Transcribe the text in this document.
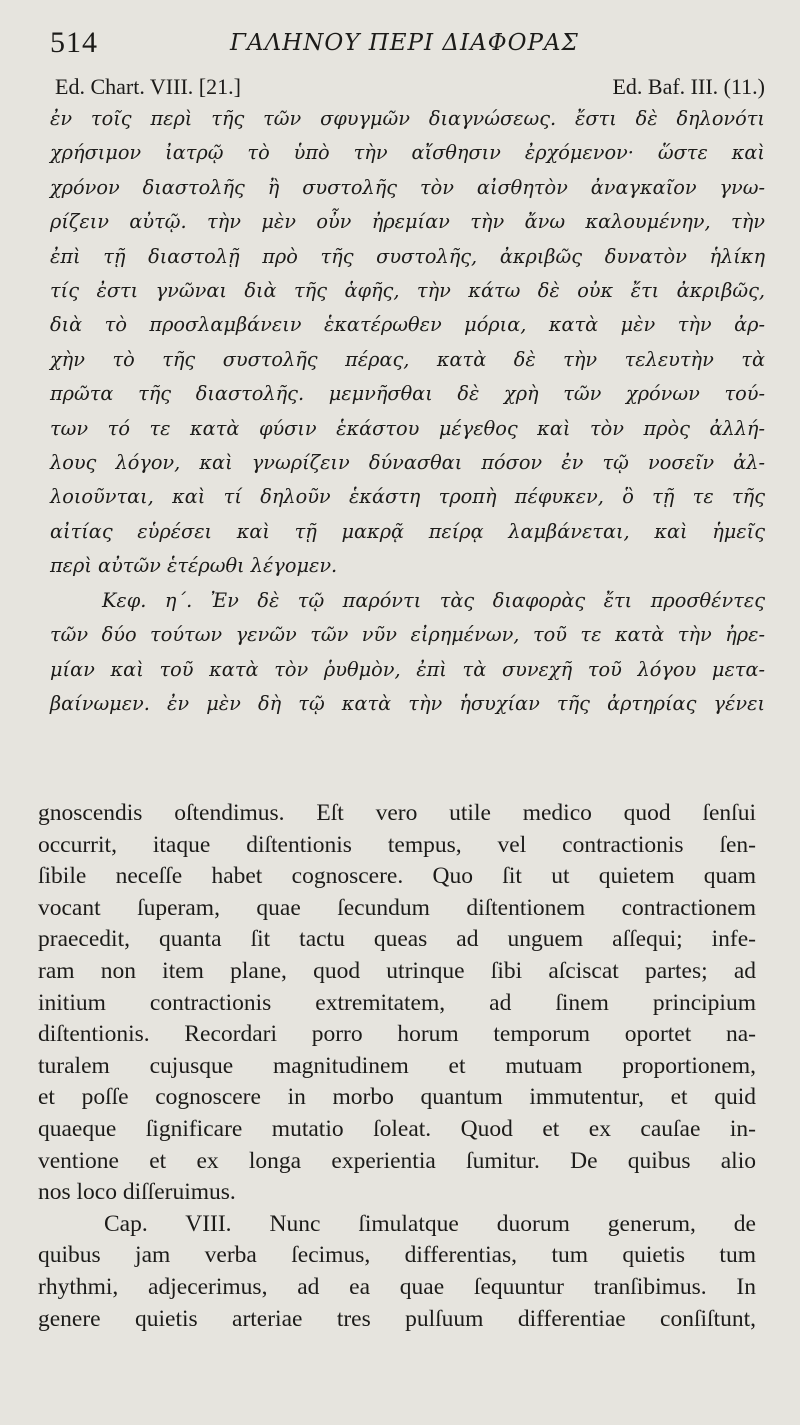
514	ΓΑΛΗΝΟΥ ΠΕΡΙ ΔΙΑΦΟΡΑΣ
Ed. Chart. VIII. [21.]	Ed. Baf. III. (11.)
ἐν τοῖς περὶ τῆς τῶν σφυγμῶν διαγνώσεως. ἔστι δὲ δηλονότι
χρήσιμον ἰατρῷ τὸ ὑπὸ τὴν αἴσθησιν ἐρχόμενον· ὥστε καὶ
χρόνον διαστολῆς ἢ συστολῆς τὸν αἰσθητὸν ἀναγκαῖον γνω-
ρίζειν αὐτῷ. τὴν μὲν οὖν ἠρεμίαν τὴν ἄνω καλουμένην, τὴν
ἐπὶ τῇ διαστολῇ πρὸ τῆς συστολῆς, ἀκριβῶς δυνατὸν ἡλίκη
τίς ἐστι γνῶναι διὰ τῆς ἁφῆς, τὴν κάτω δὲ οὐκ ἔτι ἀκριβῶς,
διὰ τὸ προσλαμβάνειν ἑκατέρωθεν μόρια, κατὰ μὲν τὴν ἀρ-
χὴν τὸ τῆς συστολῆς πέρας, κατὰ δὲ τὴν τελευτὴν τὰ
πρῶτα τῆς διαστολῆς. μεμνῆσθαι δὲ χρὴ τῶν χρόνων τού-
των τό τε κατὰ φύσιν ἑκάστου μέγεθος καὶ τὸν πρὸς ἀλλή-
λους λόγον, καὶ γνωρίζειν δύνασθαι πόσον ἐν τῷ νοσεῖν ἀλ-
λοιοῦνται, καὶ τί δηλοῦν ἑκάστη τροπὴ πέφυκεν, ὃ τῇ τε τῆς
αἰτίας εὑρέσει καὶ τῇ μακρᾷ πείρᾳ λαμβάνεται, καὶ ἡμεῖς
περὶ αὐτῶν ἑτέρωθι λέγομεν.
Κεφ. η΄. Ἐν δὲ τῷ παρόντι τὰς διαφορὰς ἔτι προσθέντες
τῶν δύο τούτων γενῶν τῶν νῦν εἰρημένων, τοῦ τε κατὰ τὴν ἠρε-
μίαν καὶ τοῦ κατὰ τὸν ῥυθμὸν, ἐπὶ τὰ συνεχῆ τοῦ λόγου μετα-
βαίνωμεν. ἐν μὲν δὴ τῷ κατὰ τὴν ἡσυχίαν τῆς ἀρτηρίας γένει
gnoscendis oſtendimus. Eſt vero utile medico quod ſenſui
occurrit, itaque diſtentionis tempus, vel contractionis ſen-
ſibile neceſſe habet cognoscere. Quo ſit ut quietem quam
vocant ſuperam, quae ſecundum diſtentionem contractionem
praecedit, quanta ſit tactu queas ad unguem aſſequi; infe-
ram non item plane, quod utrinque ſibi aſciscat partes; ad
initium contractionis extremitatem, ad ſinem principium
diſtentionis. Recordari porro horum temporum oportet na-
turalem cujusque magnitudinem et mutuam proportionem,
et poſſe cognoscere in morbo quantum immutentur, et quid
quaeque ſignificare mutatio ſoleat. Quod et ex cauſae in-
ventione et ex longa experientia ſumitur. De quibus alio
nos loco diſſeruimus.
Cap. VIII. Nunc ſimulatque duorum generum, de
quibus jam verba ſecimus, differentias, tum quietis tum
rhythmi, adjecerimus, ad ea quae ſequuntur tranſibimus. In
genere quietis arteriae tres pulſuum differentiae conſiſtunt,
